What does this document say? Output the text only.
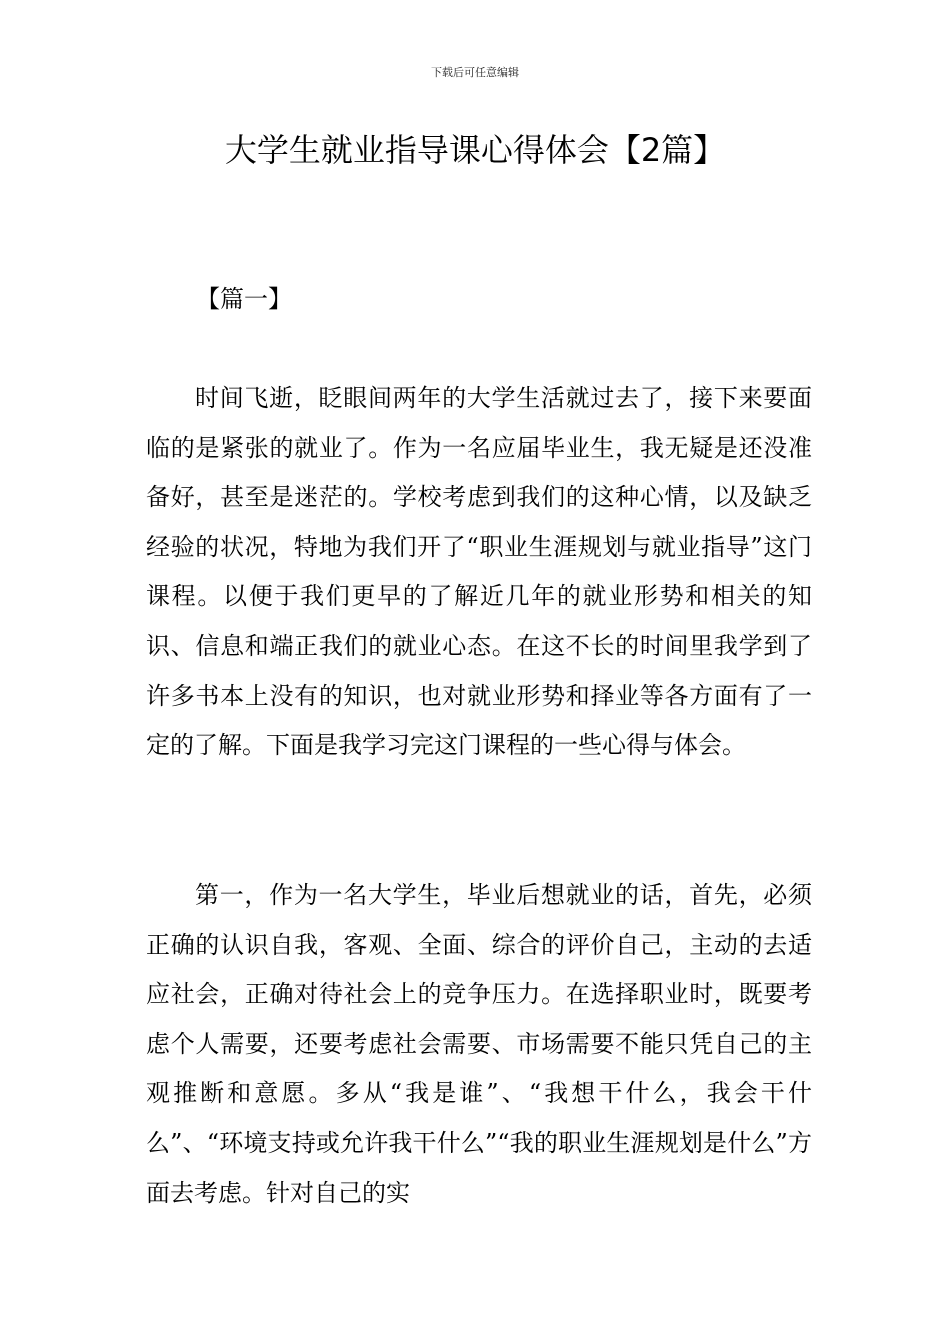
下载后可任意编辑
大学生就业指导课心得体会【2篇】
【篇一】

时间飞逝，眨眼间两年的大学生活就过去了，接下来要面临的是紧张的就业了。作为一名应届毕业生，我无疑是还没准备好，甚至是迷茫的。学校考虑到我们的这种心情，以及缺乏经验的状况，特地为我们开了“职业生涯规划与就业指导”这门课程。以便于我们更早的了解近几年的就业形势和相关的知识、信息和端正我们的就业心态。在这不长的时间里我学到了许多书本上没有的知识，也对就业形势和择业等各方面有了一定的了解。下面是我学习完这门课程的一些心得与体会。

第一，作为一名大学生，毕业后想就业的话，首先，必须正确的认识自我，客观、全面、综合的评价自己，主动的去适应社会，正确对待社会上的竞争压力。在选择职业时，既要考虑个人需要，还要考虑社会需要、市场需要不能只凭自己的主观推断和意愿。多从“我是谁”、“我想干什么，我会干什么”、“环境支持或允许我干什么”“我的职业生涯规划是什么”方面去考虑。针对自己的实
